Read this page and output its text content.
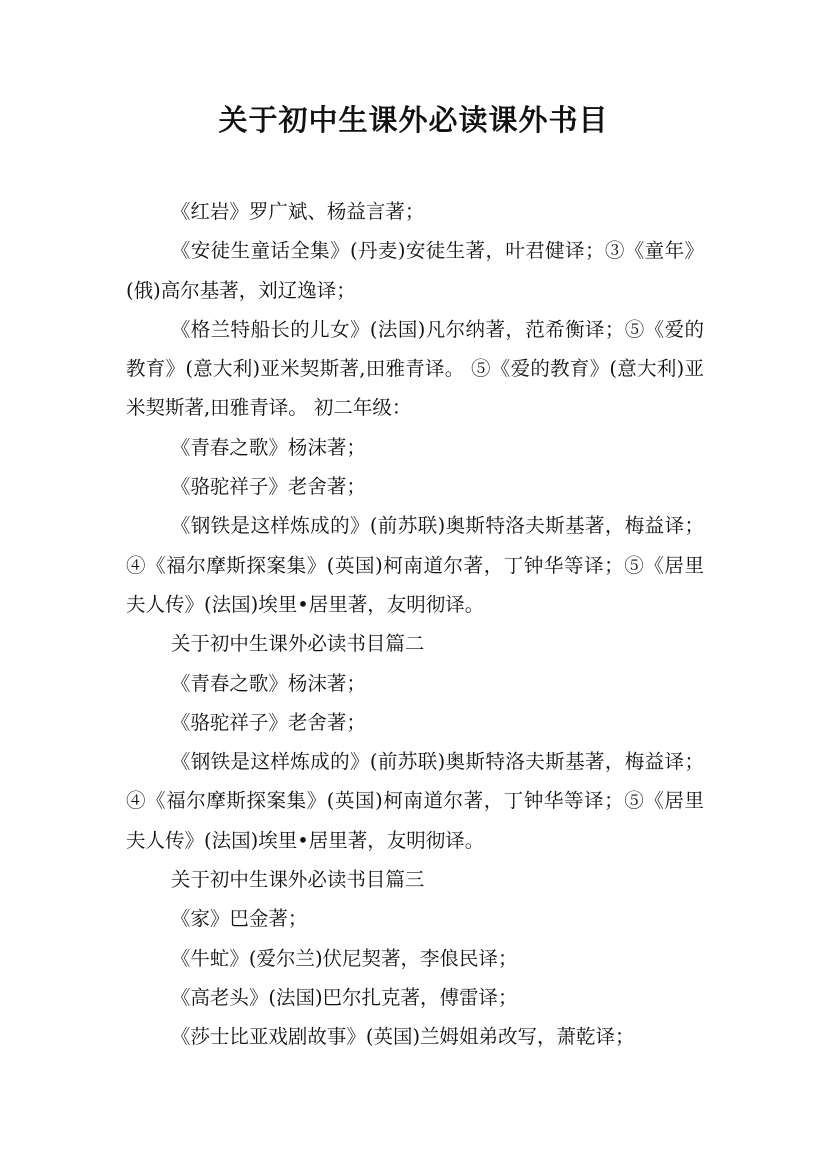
关于初中生课外必读课外书目

《红岩》罗广斌、杨益言著；

《安徒生童话全集》(丹麦)安徒生著，叶君健译；③《童年》(俄)高尔基著，刘辽逸译；

《格兰特船长的儿女》(法国)凡尔纳著，范希衡译；⑤《爱的教育》(意大利)亚米契斯著,田雅青译。 ⑤《爱的教育》(意大利)亚米契斯著,田雅青译。 初二年级：

《青春之歌》杨沫著；

《骆驼祥子》老舍著；

《钢铁是这样炼成的》(前苏联)奥斯特洛夫斯基著，梅益译；④《福尔摩斯探案集》(英国)柯南道尔著，丁钟华等译；⑤《居里夫人传》(法国)埃里•居里著，友明彻译。

关于初中生课外必读书目篇二

《青春之歌》杨沫著；

《骆驼祥子》老舍著；

《钢铁是这样炼成的》(前苏联)奥斯特洛夫斯基著，梅益译；④《福尔摩斯探案集》(英国)柯南道尔著，丁钟华等译；⑤《居里夫人传》(法国)埃里•居里著，友明彻译。

关于初中生课外必读书目篇三

《家》巴金著；

《牛虻》(爱尔兰)伏尼契著，李俍民译；

《高老头》(法国)巴尔扎克著，傅雷译；

《莎士比亚戏剧故事》(英国)兰姆姐弟改写，萧乾译；
